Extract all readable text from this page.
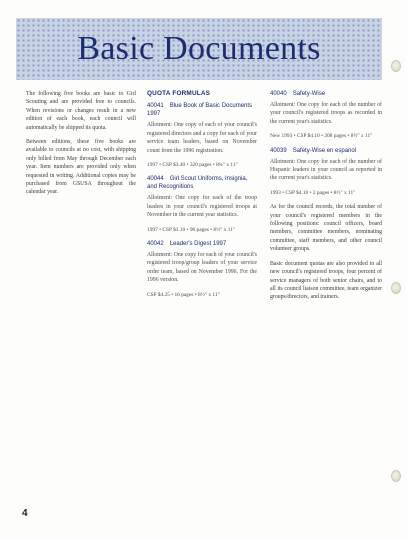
Basic Documents

The following five books are basic to Girl Scouting and are provided free to councils. When revisions or changes result in a new edition of each book, each council will automatically be shipped its quota.

Between editions, these five books are available to councils at no cost, with shipping only billed from May through December each year. Item numbers are provided only when requested in writing. Additional copies may be purchased from GSUSA throughout the calendar year.

QUOTA FORMULAS
40041 Blue Book of Basic Documents 1997

Allotment: One copy of each of your council's registered directors and a copy for each of your service team leaders, based on November count from the 1996 registration.

1997 • CSP $3.40 • 320 pages • 8¾" x 11"

40044 Girl Scout Uniforms, Insignia, and Recognitions

Allotment: One copy for each of the troop leaders in your council's registered troops at November in the current year statistics.

1997 • CSP $3.10 • 96 pages • 8½" x 11"

40042 Leader's Digest 1997

Allotment: One copy for each of your council's registered troop/group leaders of your service order team, based on November 1996. For the 1996 version.

CSP $4.25 • 16 pages • 8½" x 11"

40040 Safety-Wise

Allotment: One copy for each of the number of your council's registered troops as recorded in the current year's statistics.

New 1993 • CSP $4.10 • 208 pages • 8½" x 11"

40039 Safety-Wise en espanol

Allotment: One copy for each of the number of Hispanic leaders in your council as reported in the current year's statistics.

1993 • CSP $4.10 • 2 pages • 8½" x 11"

As for the council records, the total number of your council's registered members in the following positions: council officers, board members, committee members, nominating committee, staff members, and other council volunteer groups.

Basic document quotas are also provided to all new council's registered troops, four percent of service managers of both senior chairs, and to all its council liaison committee, team organizer groups/directors, and trainers.

4
